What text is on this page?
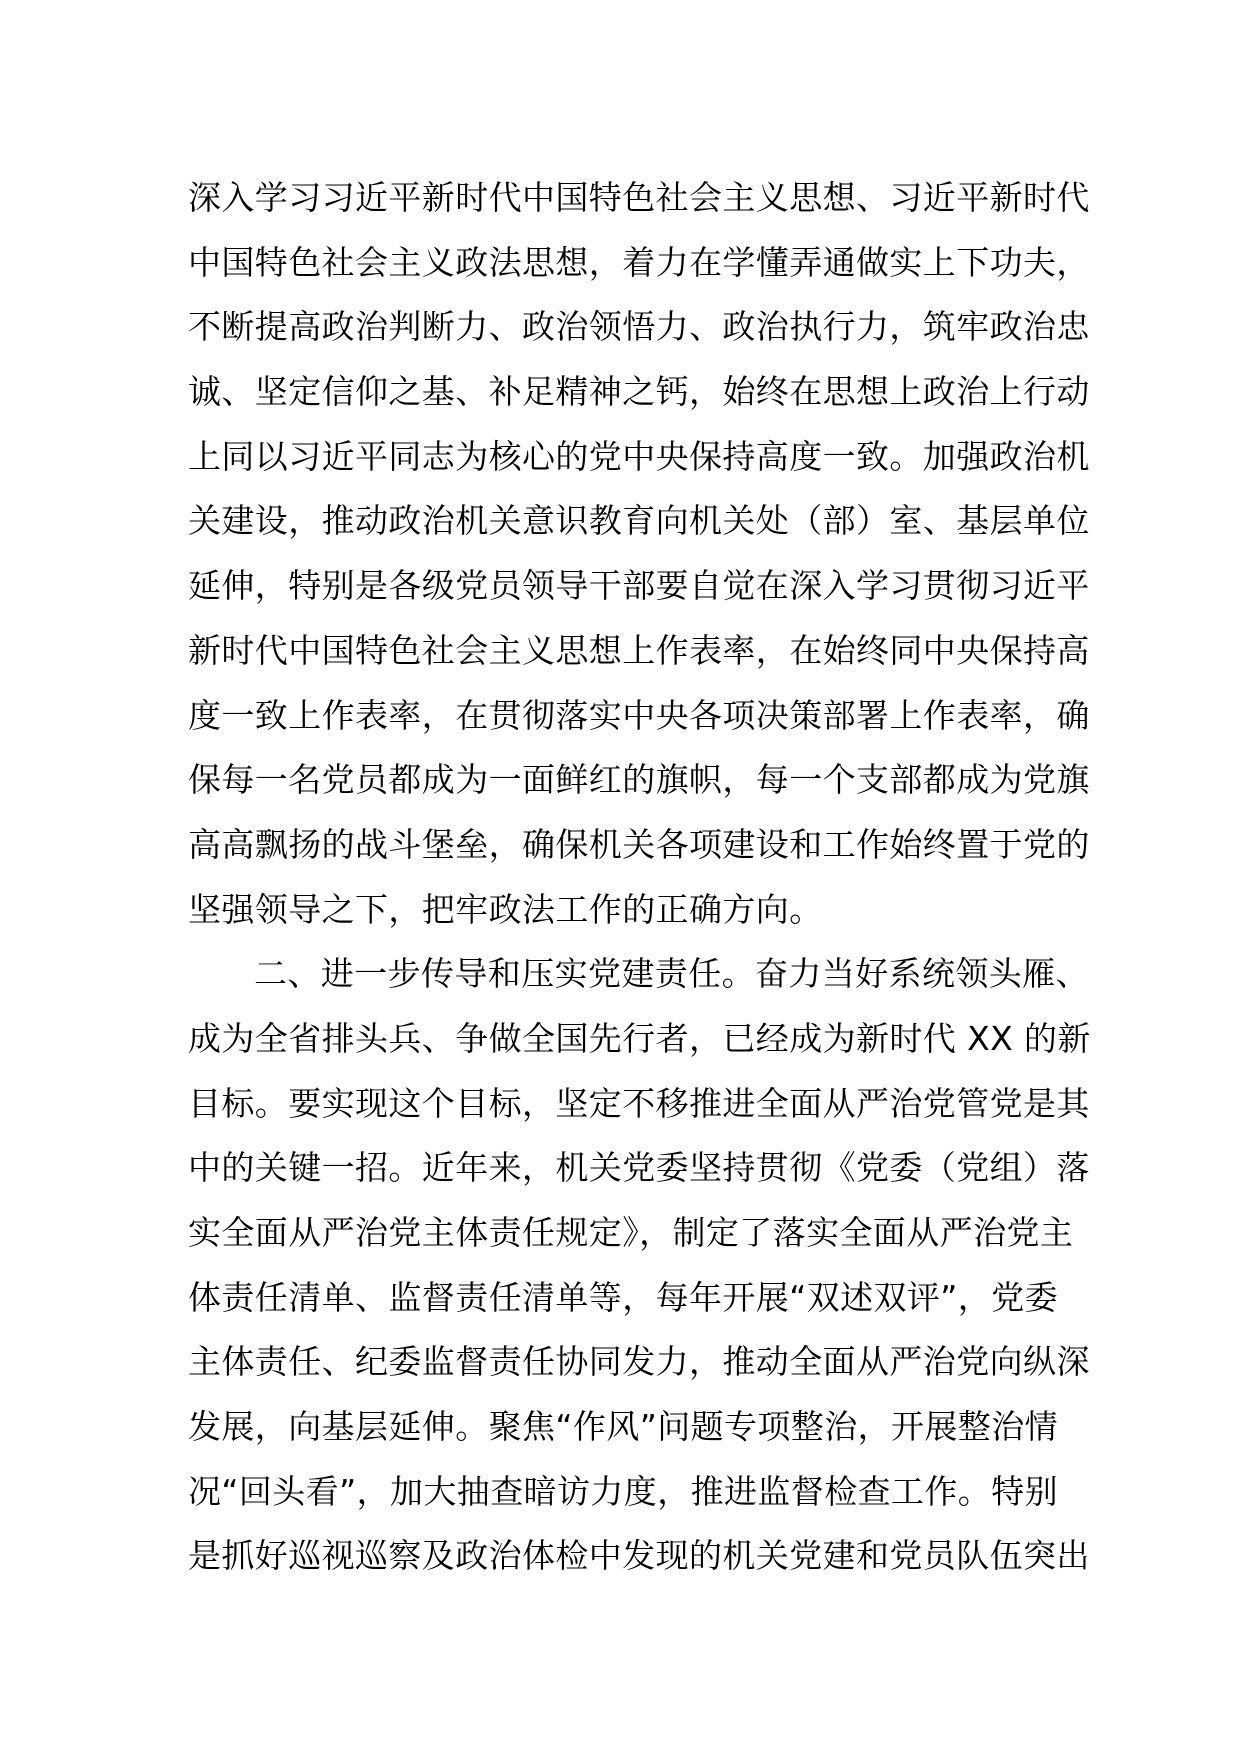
深入学习习近平新时代中国特色社会主义思想、习近平新时代
中国特色社会主义政法思想，着力在学懂弄通做实上下功夫，
不断提高政治判断力、政治领悟力、政治执行力，筑牢政治忠
诚、坚定信仰之基、补足精神之钙，始终在思想上政治上行动
上同以习近平同志为核心的党中央保持高度一致。加强政治机
关建设，推动政治机关意识教育向机关处（部）室、基层单位
延伸，特别是各级党员领导干部要自觉在深入学习贯彻习近平
新时代中国特色社会主义思想上作表率，在始终同中央保持高
度一致上作表率，在贯彻落实中央各项决策部署上作表率，确
保每一名党员都成为一面鲜红的旗帜，每一个支部都成为党旗
高高飘扬的战斗堡垒，确保机关各项建设和工作始终置于党的
坚强领导之下，把牢政法工作的正确方向。
二、进一步传导和压实党建责任。奋力当好系统领头雁、
成为全省排头兵、争做全国先行者，已经成为新时代 XX 的新
目标。要实现这个目标，坚定不移推进全面从严治党管党是其
中的关键一招。近年来，机关党委坚持贯彻《党委（党组）落
实全面从严治党主体责任规定》，制定了落实全面从严治党主
体责任清单、监督责任清单等，每年开展“双述双评”，党委
主体责任、纪委监督责任协同发力，推动全面从严治党向纵深
发展，向基层延伸。聚焦“作风”问题专项整治，开展整治情
况“回头看”，加大抽查暗访力度，推进监督检查工作。特别
是抓好巡视巡察及政治体检中发现的机关党建和党员队伍突出
